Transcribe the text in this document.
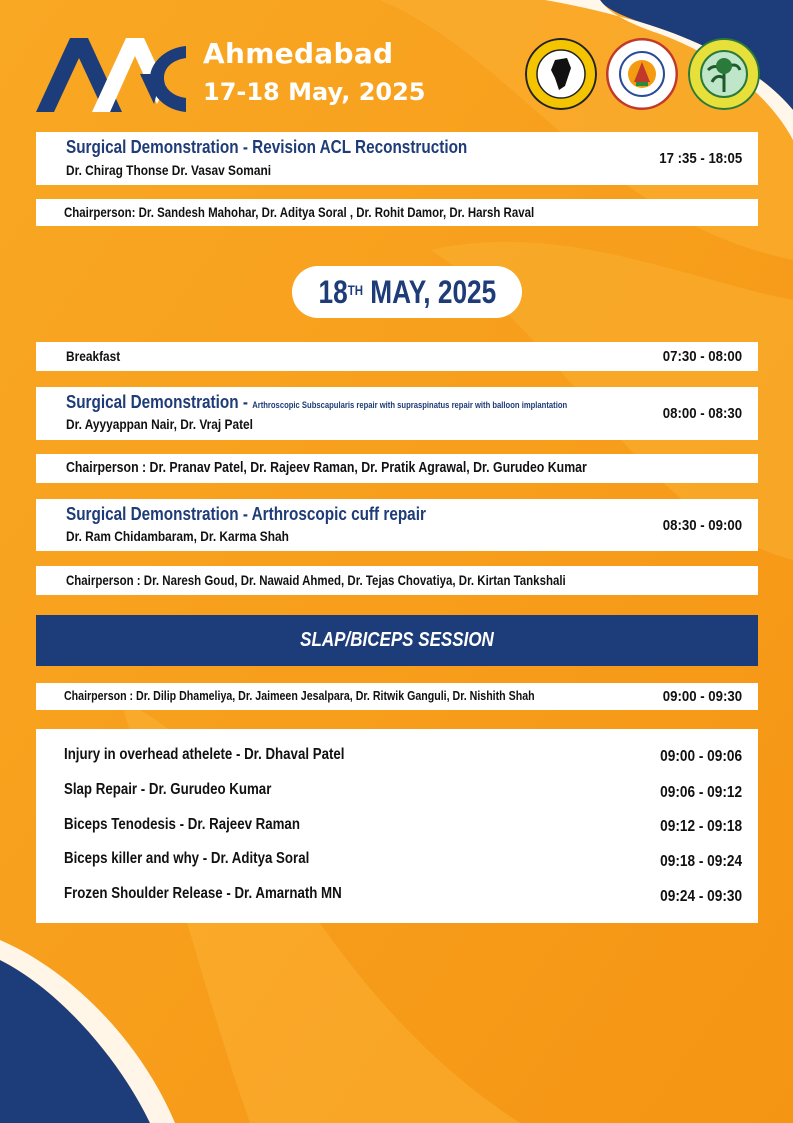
Ahmedabad
17-18 May, 2025
Surgical Demonstration - Revision ACL Reconstruction
Dr. Chirag Thonse Dr. Vasav Somani
17 :35 - 18:05
Chairperson: Dr. Sandesh Mahohar, Dr. Aditya Soral , Dr. Rohit Damor, Dr. Harsh Raval
18TH MAY, 2025
Breakfast	07:30 - 08:00
Surgical Demonstration - Arthroscopic Subscapularis repair with supraspinatus repair with balloon implantation
Dr. Ayyyappan Nair, Dr. Vraj Patel
08:00 - 08:30
Chairperson : Dr. Pranav Patel, Dr. Rajeev Raman, Dr. Pratik Agrawal, Dr. Gurudeo Kumar
Surgical Demonstration - Arthroscopic cuff repair
Dr. Ram Chidambaram, Dr. Karma Shah
08:30 - 09:00
Chairperson : Dr. Naresh Goud, Dr. Nawaid Ahmed, Dr. Tejas Chovatiya, Dr. Kirtan Tankshali
SLAP/BICEPS SESSION
Chairperson : Dr. Dilip Dhameliya, Dr. Jaimeen Jesalpara, Dr. Ritwik Ganguli, Dr. Nishith Shah	09:00 - 09:30
Injury in overhead athelete - Dr. Dhaval Patel	09:00 - 09:06
Slap Repair - Dr. Gurudeo Kumar	09:06 - 09:12
Biceps Tenodesis - Dr. Rajeev Raman	09:12 - 09:18
Biceps killer and why - Dr. Aditya Soral	09:18 - 09:24
Frozen Shoulder Release - Dr. Amarnath MN	09:24 - 09:30
